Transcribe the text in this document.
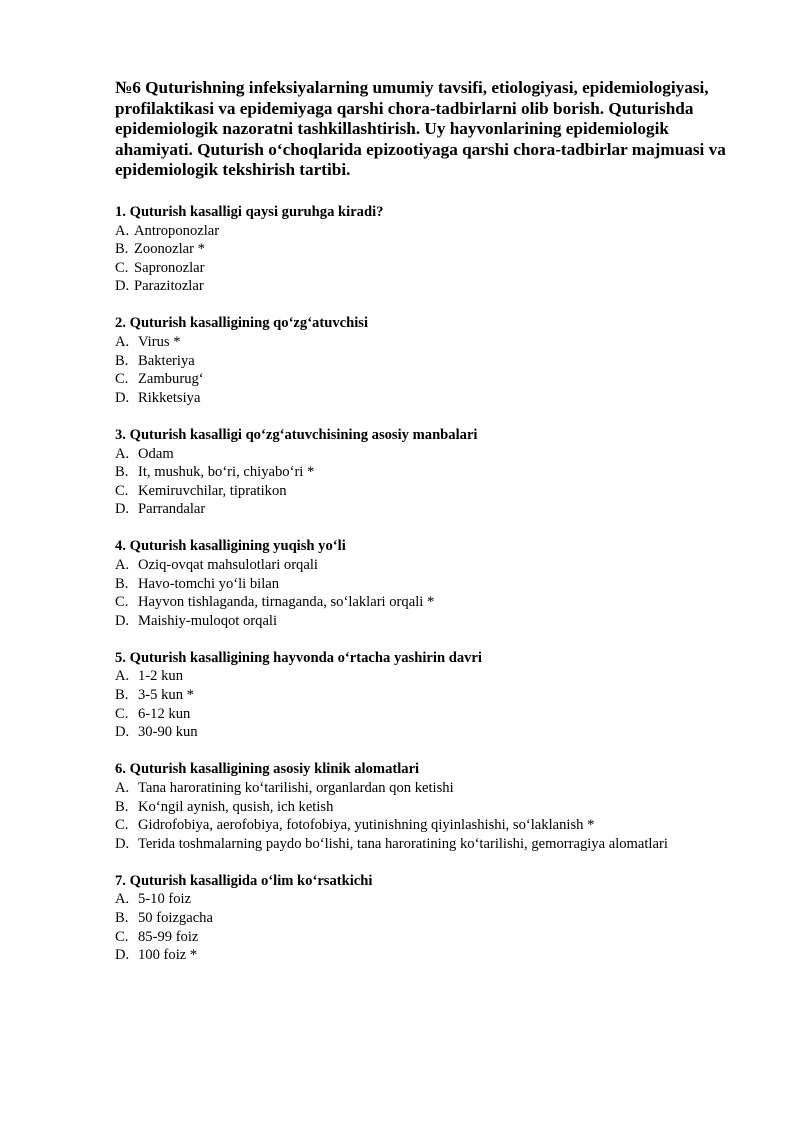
№6 Quturishning infeksiyalarning umumiy tavsifi, etiologiyasi, epidemiologiyasi, profilaktikasi va epidemiyaga qarshi chora-tadbirlarni olib borish. Quturishda epidemiologik nazoratni tashkillashtirish. Uy hayvonlarining epidemiologik ahamiyati. Quturish o‘choqlarida epizootiyaga qarshi chora-tadbirlar majmuasi va epidemiologik tekshirish tartibi.

1. Quturish kasalligi qaysi guruhga kiradi?

A. Antroponozlar

B. Zoonozlar *

C. Sapronozlar

D. Parazitozlar

2. Quturish kasalligining qo‘zg‘atuvchisi

A. Virus *

B. Bakteriya

C. Zamburug‘

D. Rikketsiya

3. Quturish kasalligi qo‘zg‘atuvchisining asosiy manbalari

A. Odam

B. It, mushuk, bo‘ri, chiyabo‘ri *

C. Kemiruvchilar, tipratikon

D. Parrandalar

4. Quturish kasalligining yuqish yo‘li

A. Oziq-ovqat mahsulotlari orqali

B. Havo-tomchi yo‘li bilan

C. Hayvon tishlaganda, tirnaganda, so‘laklari orqali *

D. Maishiy-muloqot orqali

5. Quturish kasalligining hayvonda o‘rtacha yashirin davri

A. 1-2 kun

B. 3-5 kun *

C. 6-12 kun

D. 30-90 kun

6. Quturish kasalligining asosiy klinik alomatlari

A. Tana haroratining ko‘tarilishi, organlardan qon ketishi

B. Ko‘ngil aynish, qusish, ich ketish

C. Gidrofobiya, aerofobiya, fotofobiya, yutinishning qiyinlashishi, so‘laklanish *

D. Terida toshmalarning paydo bo‘lishi, tana haroratining ko‘tarilishi, gemorragiya alomatlari

7. Quturish kasalligida o‘lim ko‘rsatkichi

A. 5-10 foiz

B. 50 foizgacha

C. 85-99 foiz

D. 100 foiz *
